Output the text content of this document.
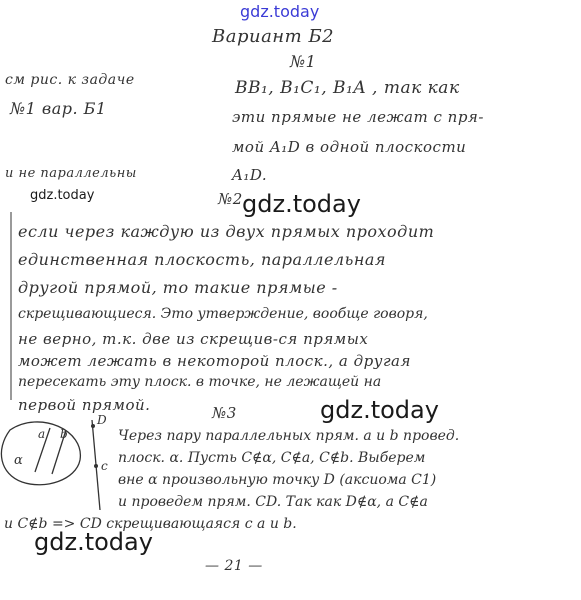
gdz.today
Вариант Б2
№1
см рис. к задаче
№1 вар. Б1
и не параллельны
BB₁, B₁C₁, B₁A , так как
эти прямые не лежат с пря-
мой A₁D в одной плоскости
A₁D.
gdz.today	№2 gdz.today
если через каждую из двух прямых проходит
единственная плоскость, параллельная
другой прямой, то такие прямые -
скрещивающиеся. Это утверждение, вообще говоря,
не верно, т.к. две из скрещив-ся прямых
может лежать в некоторой плоск., а другая
пересекать эту плоск. в точке, не лежащей на
первой прямой.	№3	gdz.today
α
a b
c
D
Через пару параллельных прям. a и b провед.
плоск. α. Пусть C∉α, C∉a, C∉b. Выберем
вне α произвольную точку D (аксиома C1)
и проведем прям. CD. Так как D∉α, a C∉a
и C∉b => CD скрещивающаяся с a и b.
gdz.today
— 21 —
